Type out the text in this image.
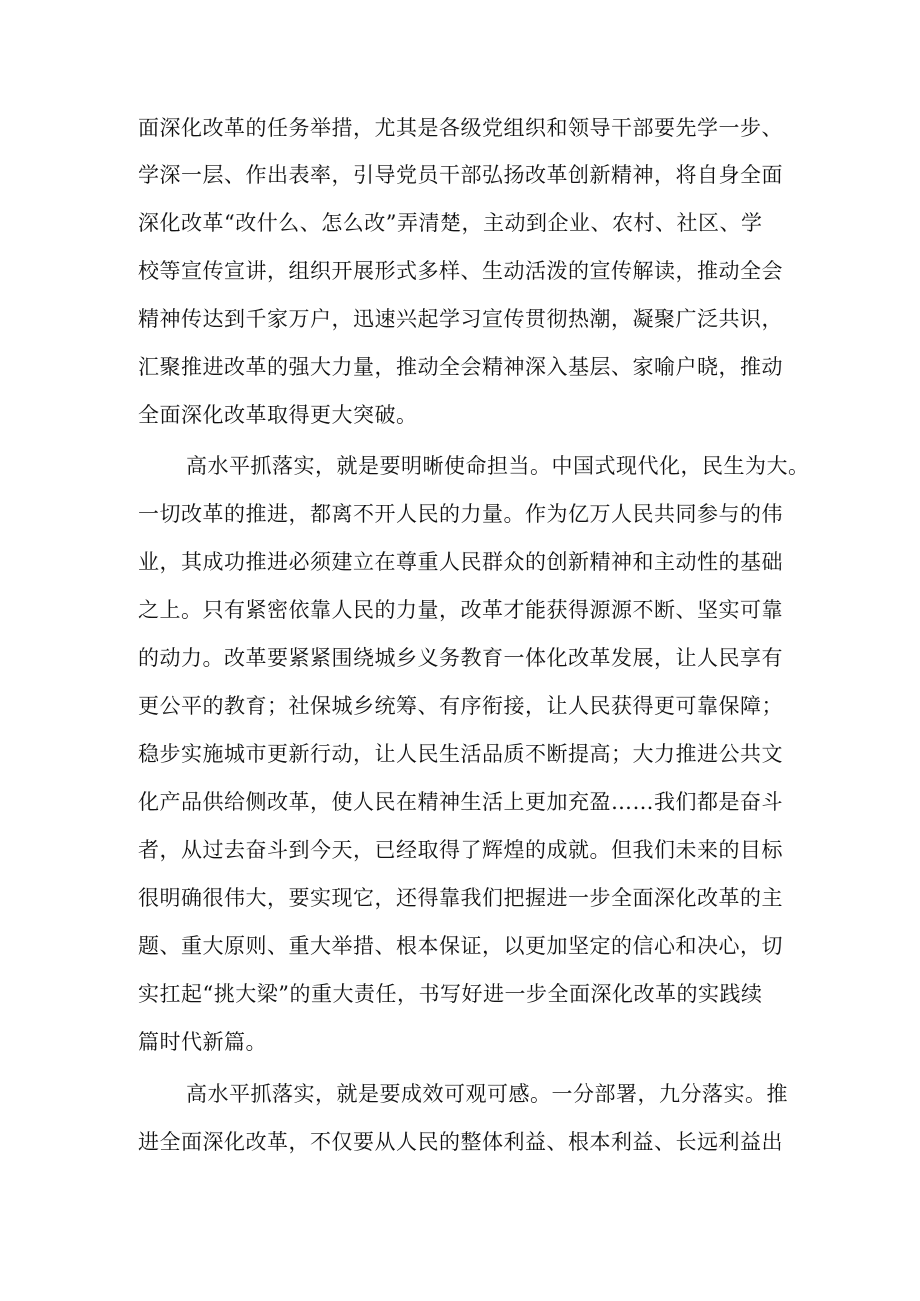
面深化改革的任务举措，尤其是各级党组织和领导干部要先学一步、
学深一层、作出表率，引导党员干部弘扬改革创新精神，将自身全面
深化改革“改什么、怎么改”弄清楚，主动到企业、农村、社区、学
校等宣传宣讲，组织开展形式多样、生动活泼的宣传解读，推动全会
精神传达到千家万户，迅速兴起学习宣传贯彻热潮，凝聚广泛共识，
汇聚推进改革的强大力量，推动全会精神深入基层、家喻户晓，推动
全面深化改革取得更大突破。
高水平抓落实，就是要明晰使命担当。中国式现代化，民生为大。
一切改革的推进，都离不开人民的力量。作为亿万人民共同参与的伟
业，其成功推进必须建立在尊重人民群众的创新精神和主动性的基础
之上。只有紧密依靠人民的力量，改革才能获得源源不断、坚实可靠
的动力。改革要紧紧围绕城乡义务教育一体化改革发展，让人民享有
更公平的教育；社保城乡统筹、有序衔接，让人民获得更可靠保障；
稳步实施城市更新行动，让人民生活品质不断提高；大力推进公共文
化产品供给侧改革，使人民在精神生活上更加充盈……我们都是奋斗
者，从过去奋斗到今天，已经取得了辉煌的成就。但我们未来的目标
很明确很伟大，要实现它，还得靠我们把握进一步全面深化改革的主
题、重大原则、重大举措、根本保证，以更加坚定的信心和决心，切
实扛起“挑大梁”的重大责任，书写好进一步全面深化改革的实践续
篇时代新篇。
高水平抓落实，就是要成效可观可感。一分部署，九分落实。推
进全面深化改革，不仅要从人民的整体利益、根本利益、长远利益出
